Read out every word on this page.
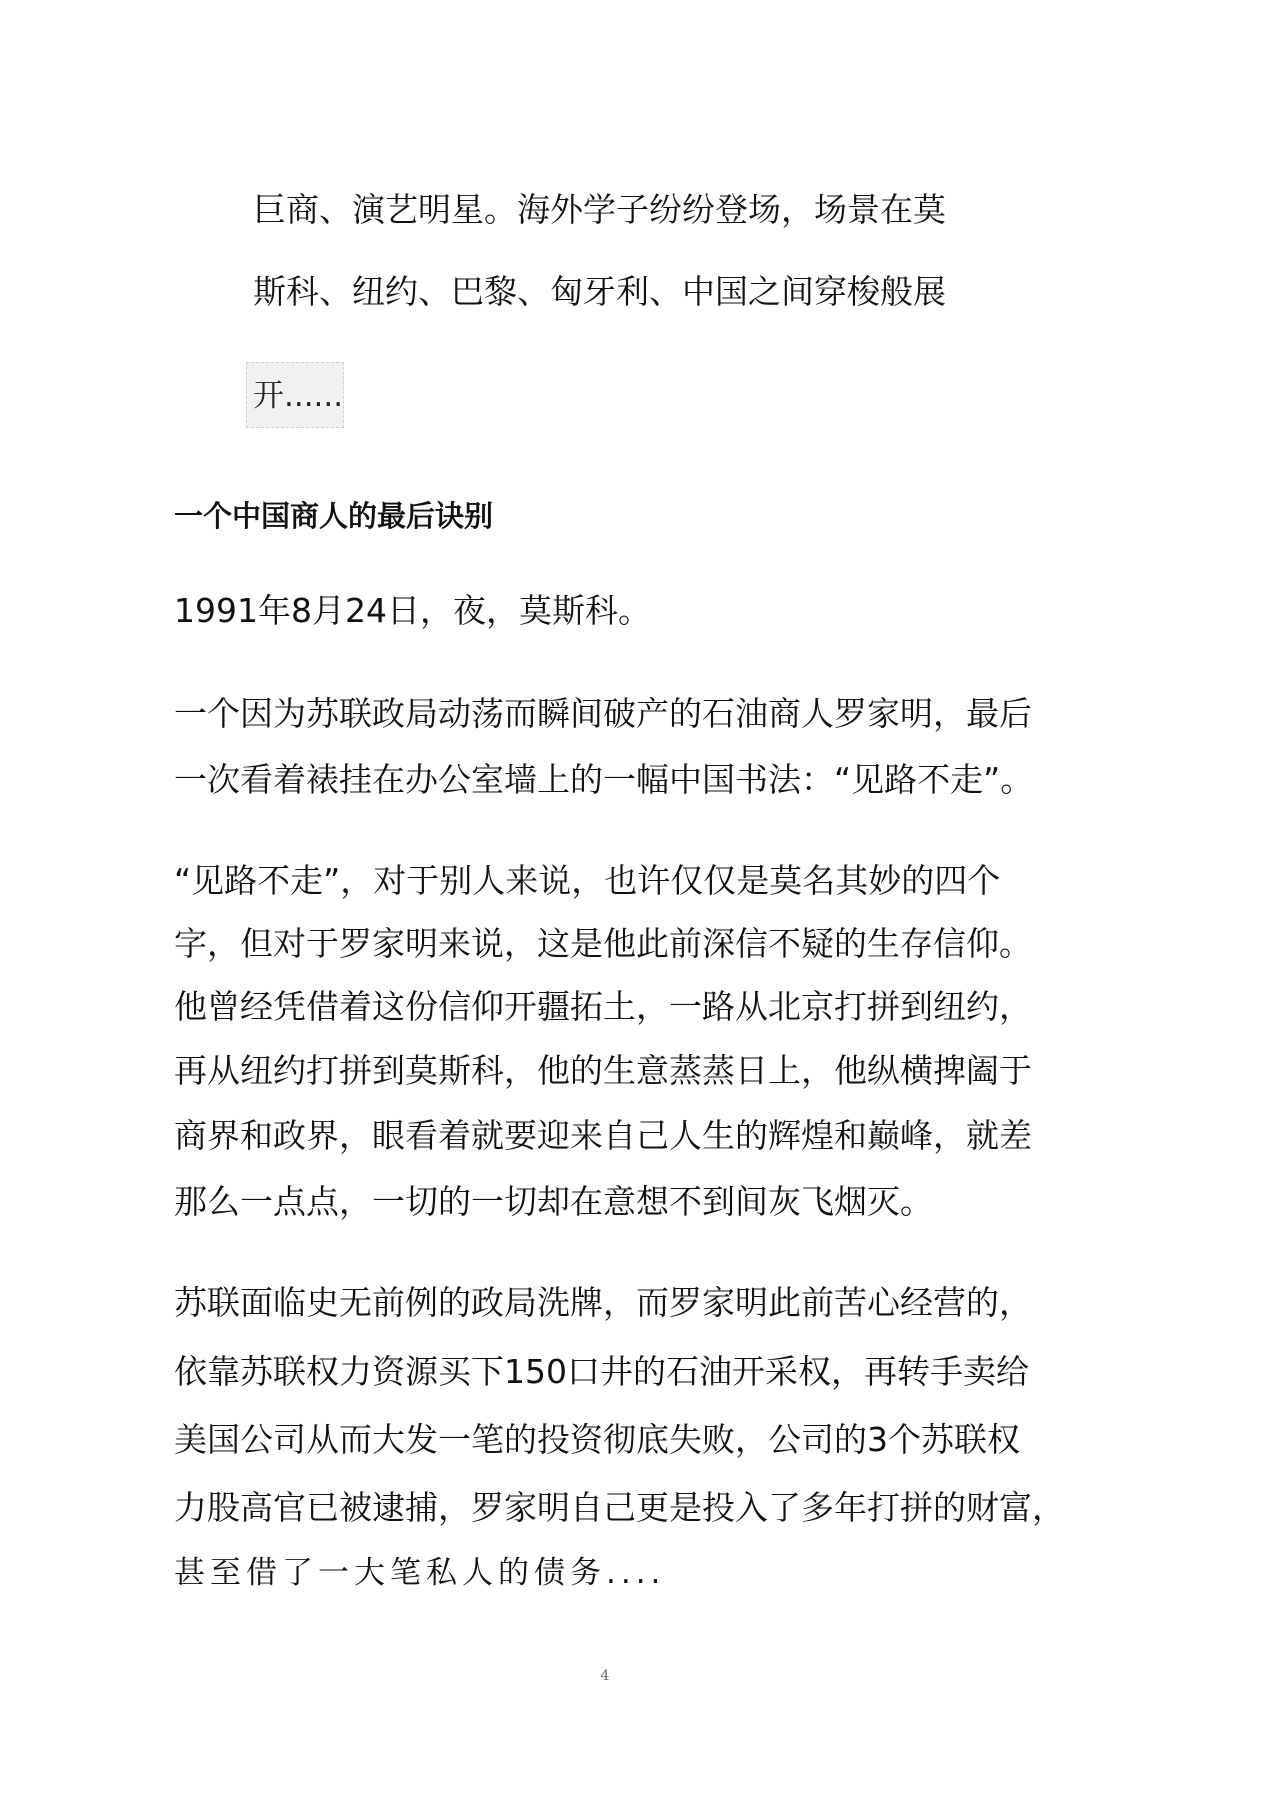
巨商、演艺明星。海外学子纷纷登场，场景在莫
斯科、纽约、巴黎、匈牙利、中国之间穿梭般展
开......
一个中国商人的最后诀别
1991年8月24日，夜，莫斯科。
一个因为苏联政局动荡而瞬间破产的石油商人罗家明，最后
一次看着裱挂在办公室墙上的一幅中国书法：“见路不走”。
“见路不走”，对于别人来说，也许仅仅是莫名其妙的四个
字，但对于罗家明来说，这是他此前深信不疑的生存信仰。
他曾经凭借着这份信仰开疆拓土，一路从北京打拼到纽约，
再从纽约打拼到莫斯科，他的生意蒸蒸日上，他纵横捭阖于
商界和政界，眼看着就要迎来自己人生的辉煌和巅峰，就差
那么一点点，一切的一切却在意想不到间灰飞烟灭。
苏联面临史无前例的政局洗牌，而罗家明此前苦心经营的，
依靠苏联权力资源买下150口井的石油开采权，再转手卖给
美国公司从而大发一笔的投资彻底失败，公司的3个苏联权
力股高官已被逮捕，罗家明自己更是投入了多年打拼的财富，
甚至借了一大笔私人的债务....
4
